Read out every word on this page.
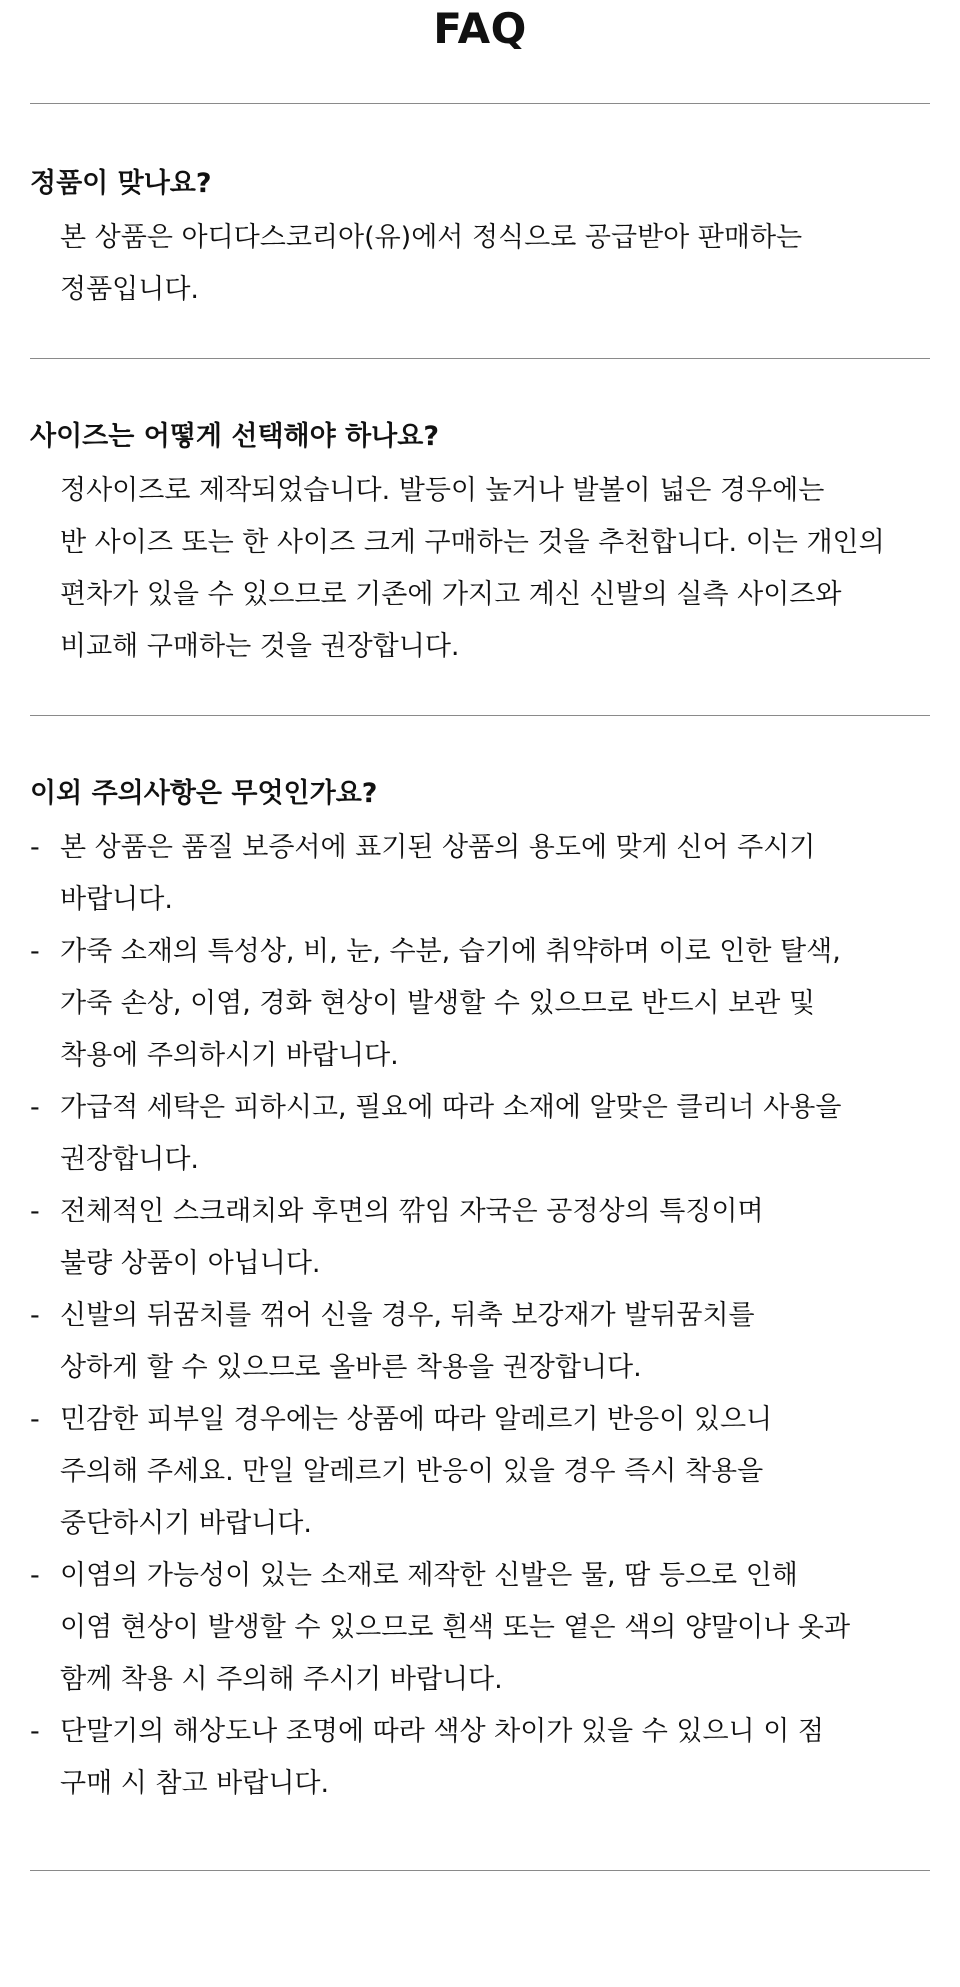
FAQ
정품이 맞나요?
본 상품은 아디다스코리아(유)에서 정식으로 공급받아 판매하는
정품입니다.
사이즈는 어떻게 선택해야 하나요?
정사이즈로 제작되었습니다. 발등이 높거나 발볼이 넓은 경우에는
반 사이즈 또는 한 사이즈 크게 구매하는 것을 추천합니다. 이는 개인의
편차가 있을 수 있으므로 기존에 가지고 계신 신발의 실측 사이즈와
비교해 구매하는 것을 권장합니다.
이외 주의사항은 무엇인가요?
- 본 상품은 품질 보증서에 표기된 상품의 용도에 맞게 신어 주시기
바랍니다.
- 가죽 소재의 특성상, 비, 눈, 수분, 습기에 취약하며 이로 인한 탈색,
가죽 손상, 이염, 경화 현상이 발생할 수 있으므로 반드시 보관 및
착용에 주의하시기 바랍니다.
- 가급적 세탁은 피하시고, 필요에 따라 소재에 알맞은 클리너 사용을
권장합니다.
- 전체적인 스크래치와 후면의 깎임 자국은 공정상의 특징이며
불량 상품이 아닙니다.
- 신발의 뒤꿈치를 꺾어 신을 경우, 뒤축 보강재가 발뒤꿈치를
상하게 할 수 있으므로 올바른 착용을 권장합니다.
- 민감한 피부일 경우에는 상품에 따라 알레르기 반응이 있으니
주의해 주세요. 만일 알레르기 반응이 있을 경우 즉시 착용을
중단하시기 바랍니다.
- 이염의 가능성이 있는 소재로 제작한 신발은 물, 땀 등으로 인해
이염 현상이 발생할 수 있으므로 흰색 또는 옅은 색의 양말이나 옷과
함께 착용 시 주의해 주시기 바랍니다.
- 단말기의 해상도나 조명에 따라 색상 차이가 있을 수 있으니 이 점
구매 시 참고 바랍니다.
